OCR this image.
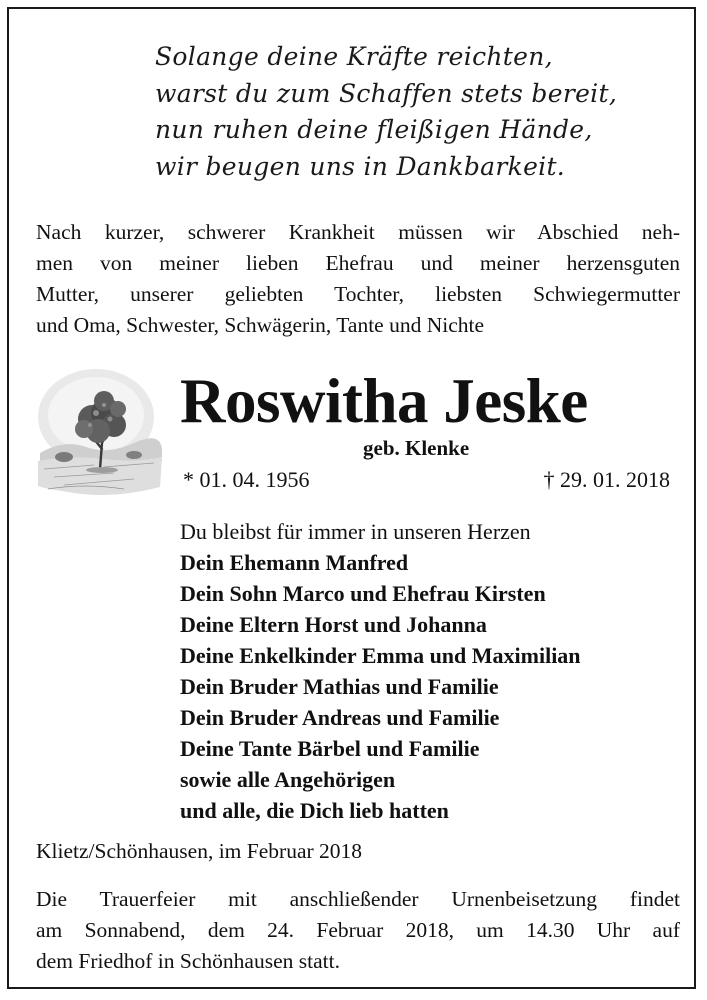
Solange deine Kräfte reichten,
warst du zum Schaffen stets bereit,
nun ruhen deine fleißigen Hände,
wir beugen uns in Dankbarkeit.
Nach kurzer, schwerer Krankheit müssen wir Abschied neh-
men von meiner lieben Ehefrau und meiner herzensguten
Mutter, unserer geliebten Tochter, liebsten Schwiegermutter
und Oma, Schwester, Schwägerin, Tante und Nichte
Roswitha Jeske
geb. Klenke
* 01. 04. 1956	† 29. 01. 2018
Du bleibst für immer in unseren Herzen
Dein Ehemann Manfred
Dein Sohn Marco und Ehefrau Kirsten
Deine Eltern Horst und Johanna
Deine Enkelkinder Emma und Maximilian
Dein Bruder Mathias und Familie
Dein Bruder Andreas und Familie
Deine Tante Bärbel und Familie
sowie alle Angehörigen
und alle, die Dich lieb hatten
Klietz/Schönhausen, im Februar 2018
Die Trauerfeier mit anschließender Urnenbeisetzung findet
am Sonnabend, dem 24. Februar 2018, um 14.30 Uhr auf
dem Friedhof in Schönhausen statt.
